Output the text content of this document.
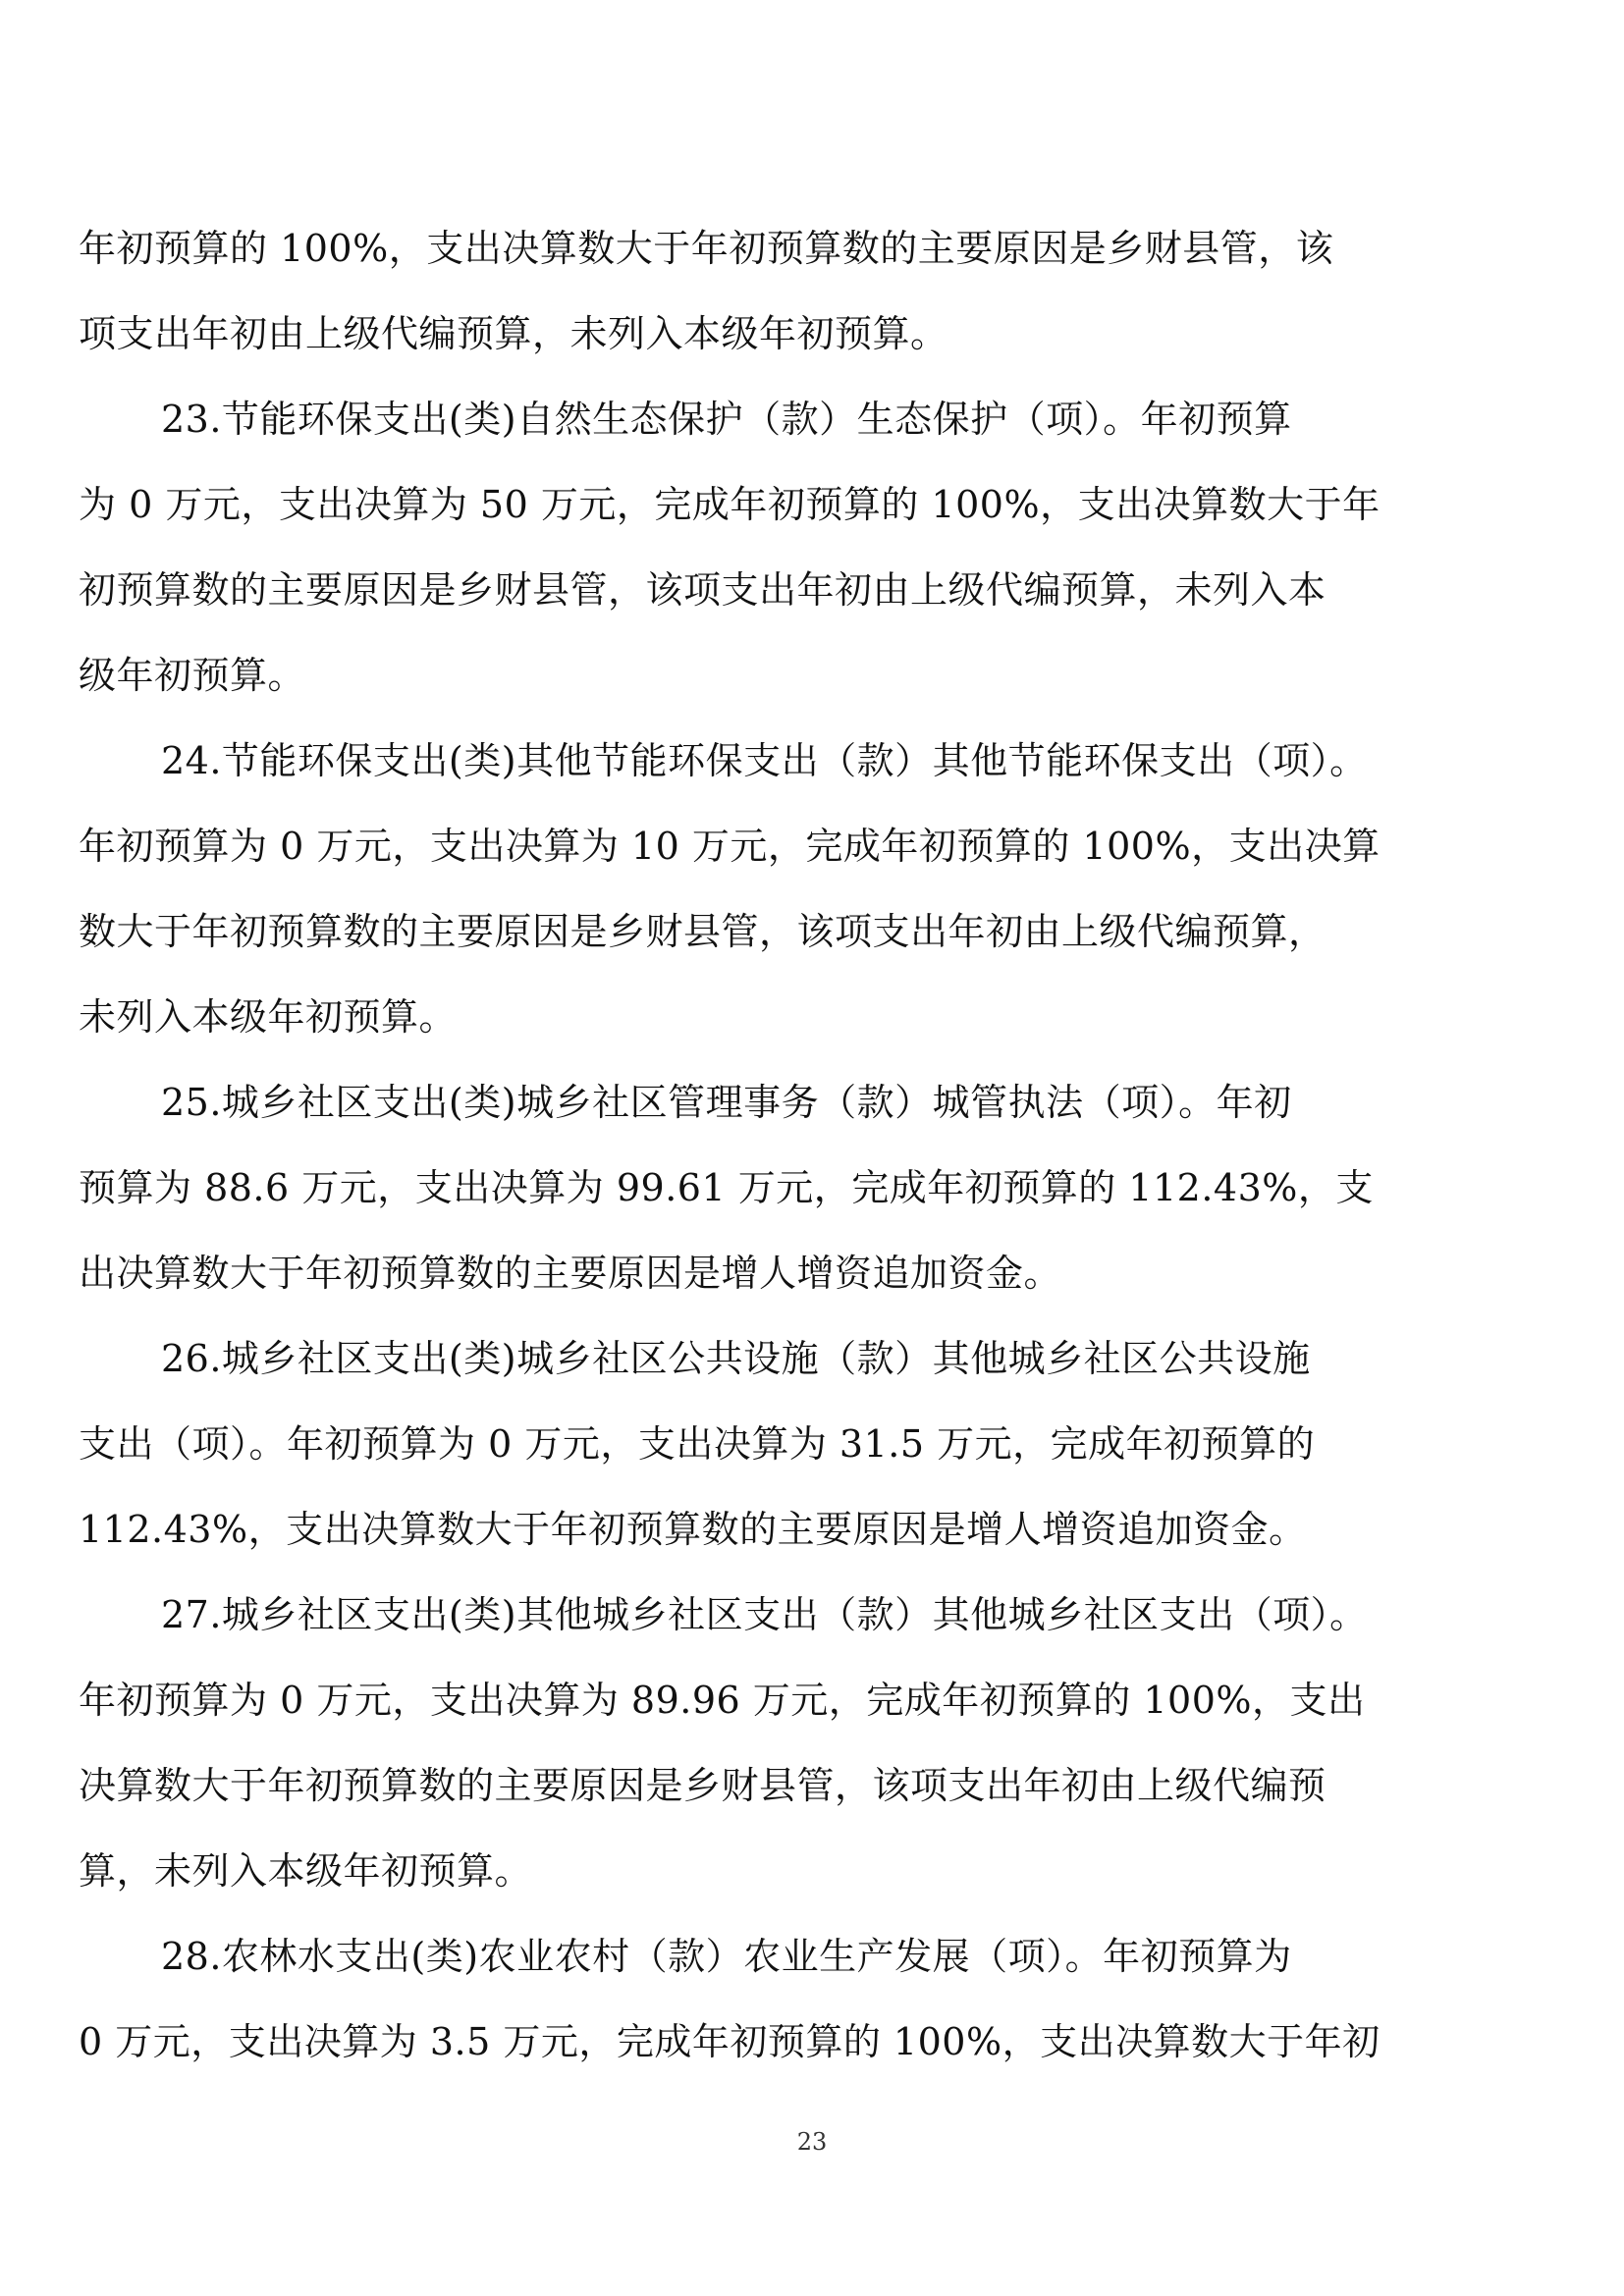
年初预算的 100%，支出决算数大于年初预算数的主要原因是乡财县管，该
项支出年初由上级代编预算，未列入本级年初预算。
23.节能环保支出(类)自然生态保护（款）生态保护（项）。年初预算
为 0 万元，支出决算为 50 万元，完成年初预算的 100%，支出决算数大于年
初预算数的主要原因是乡财县管，该项支出年初由上级代编预算，未列入本
级年初预算。
24.节能环保支出(类)其他节能环保支出（款）其他节能环保支出（项）。
年初预算为 0 万元，支出决算为 10 万元，完成年初预算的 100%，支出决算
数大于年初预算数的主要原因是乡财县管，该项支出年初由上级代编预算，
未列入本级年初预算。
25.城乡社区支出(类)城乡社区管理事务（款）城管执法（项）。年初
预算为 88.6 万元，支出决算为 99.61 万元，完成年初预算的 112.43%，支
出决算数大于年初预算数的主要原因是增人增资追加资金。
26.城乡社区支出(类)城乡社区公共设施（款）其他城乡社区公共设施
支出（项）。年初预算为 0 万元，支出决算为 31.5 万元，完成年初预算的
112.43%，支出决算数大于年初预算数的主要原因是增人增资追加资金。
27.城乡社区支出(类)其他城乡社区支出（款）其他城乡社区支出（项）。
年初预算为 0 万元，支出决算为 89.96 万元，完成年初预算的 100%，支出
决算数大于年初预算数的主要原因是乡财县管，该项支出年初由上级代编预
算，未列入本级年初预算。
28.农林水支出(类)农业农村（款）农业生产发展（项）。年初预算为
0 万元，支出决算为 3.5 万元，完成年初预算的 100%，支出决算数大于年初
23
